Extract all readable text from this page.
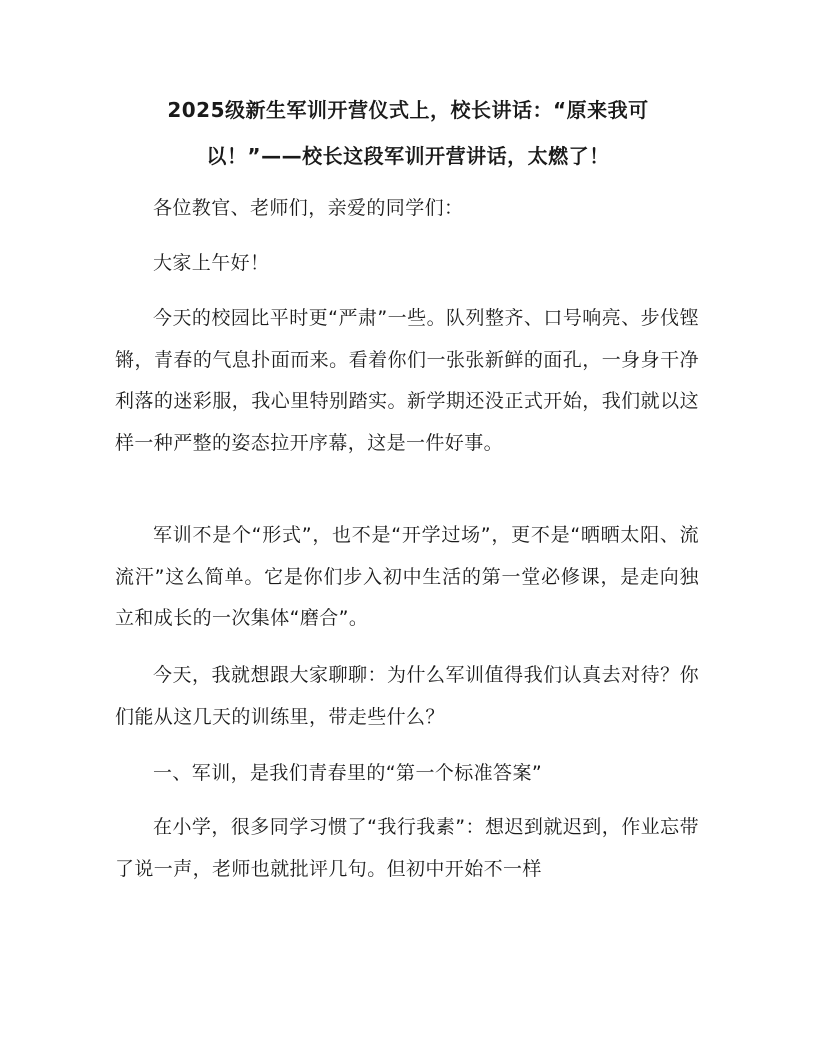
2025级新生军训开营仪式上，校长讲话：“原来我可
以！”——校长这段军训开营讲话，太燃了！

各位教官、老师们，亲爱的同学们：

大家上午好！

今天的校园比平时更“严肃”一些。队列整齐、口号响亮、步伐铿锵，青春的气息扑面而来。看着你们一张张新鲜的面孔，一身身干净利落的迷彩服，我心里特别踏实。新学期还没正式开始，我们就以这样一种严整的姿态拉开序幕，这是一件好事。

军训不是个“形式”，也不是“开学过场”，更不是“晒晒太阳、流流汗”这么简单。它是你们步入初中生活的第一堂必修课，是走向独立和成长的一次集体“磨合”。

今天，我就想跟大家聊聊：为什么军训值得我们认真去对待？你们能从这几天的训练里，带走些什么？

一、军训，是我们青春里的“第一个标准答案”

在小学，很多同学习惯了“我行我素”：想迟到就迟到，作业忘带了说一声，老师也就批评几句。但初中开始不一样
